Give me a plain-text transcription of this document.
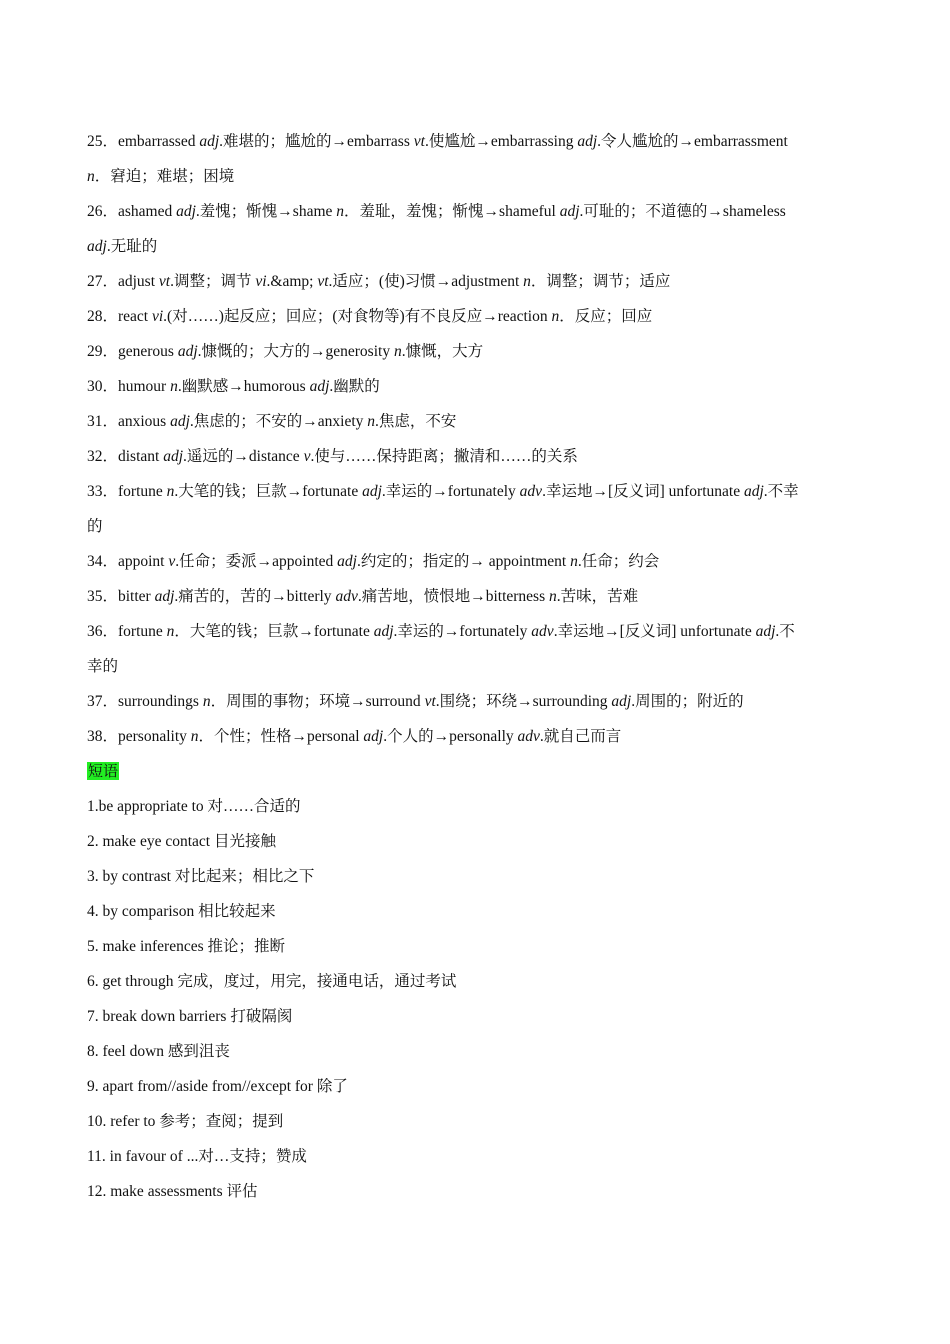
25．embarrassed adj.难堪的；尴尬的→embarrass vt.使尴尬→embarrassing adj.令人尴尬的→embarrassment
n．窘迫；难堪；困境
26．ashamed adj.羞愧；惭愧→shame n．羞耻，羞愧；惭愧→shameful adj.可耻的；不道德的→shameless
adj.无耻的
27．adjust vt.调整；调节 vi.&amp; vt.适应；(使)习惯→adjustment n．调整；调节；适应
28．react vi.(对……)起反应；回应；(对食物等)有不良反应→reaction n．反应；回应
29．generous adj.慷慨的；大方的→generosity n.慷慨，大方
30．humour n.幽默感→humorous adj.幽默的
31．anxious adj.焦虑的；不安的→anxiety n.焦虑，不安
32．distant adj.遥远的→distance v.使与……保持距离；撇清和……的关系
33．fortune n.大笔的钱；巨款→fortunate adj.幸运的→fortunately adv.幸运地→[反义词] unfortunate adj.不幸
的
34．appoint v.任命；委派→appointed adj.约定的；指定的→ appointment n.任命；约会
35．bitter adj.痛苦的，苦的→bitterly adv.痛苦地，愤恨地→bitterness n.苦味，苦难
36．fortune n．大笔的钱；巨款→fortunate adj.幸运的→fortunately adv.幸运地→[反义词] unfortunate adj.不
幸的
37．surroundings n．周围的事物；环境→surround vt.围绕；环绕→surrounding adj.周围的；附近的
38．personality n．个性；性格→personal adj.个人的→personally adv.就自己而言
短语
1.be appropriate to 对……合适的
2. make eye contact 目光接触
3. by contrast 对比起来；相比之下
4. by comparison 相比较起来
5. make inferences 推论；推断
6. get through 完成，度过，用完，接通电话，通过考试
7. break down barriers 打破隔阂
8. feel down 感到沮丧
9. apart from//aside from//except for 除了
10. refer to 参考；查阅；提到
11. in favour of ...对…支持；赞成
12. make assessments 评估
